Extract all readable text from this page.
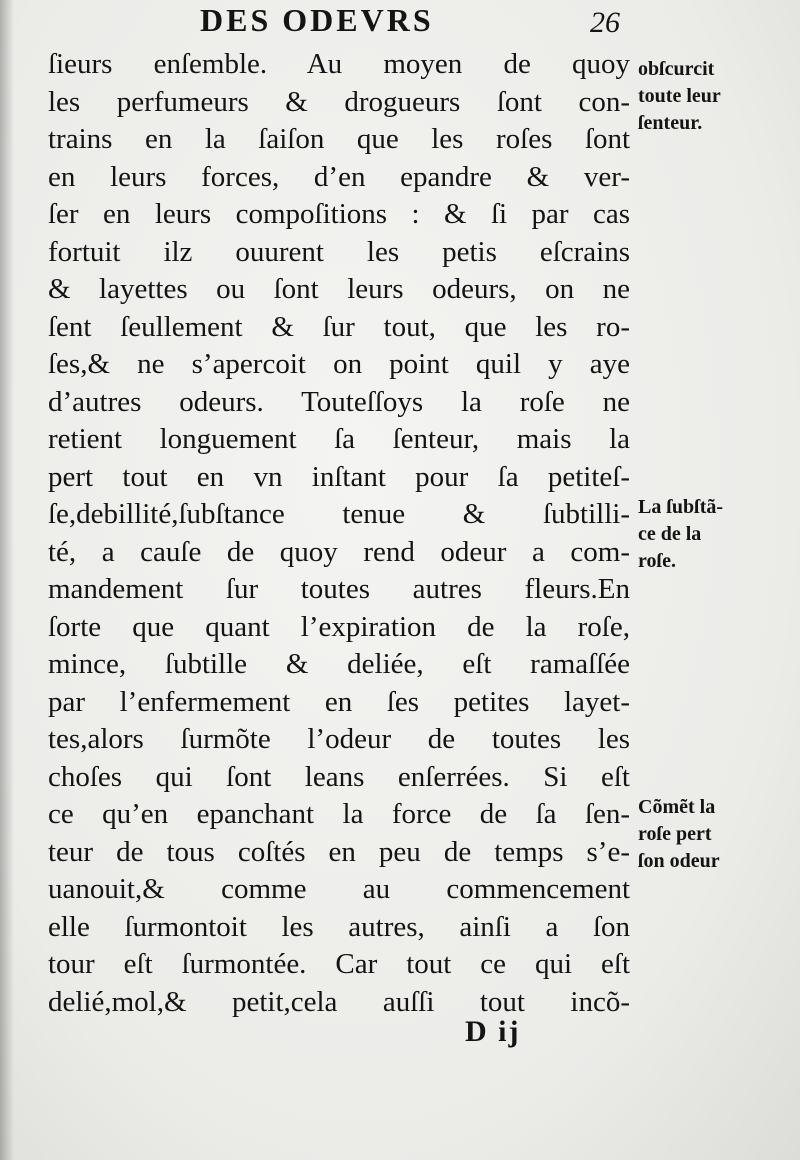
DES ODEVRS	26
ſieurs enſemble. Au moyen de quoy
les perfumeurs & drogueurs ſont con-
trains en la ſaiſon que les roſes ſont
en leurs forces, d’en epandre & ver-
ſer en leurs compoſitions : & ſi par cas
fortuit ilz ouurent les petis eſcrains
& layettes ou ſont leurs odeurs, on ne
ſent ſeullement & ſur tout, que les ro-
ſes,& ne s’apercoit on point quil y aye
d’autres odeurs. Touteſſoys la roſe ne
retient longuement ſa ſenteur, mais la
pert tout en vn inſtant pour ſa petiteſ-
ſe,debillité,ſubſtance tenue & ſubtilli-
té, a cauſe de quoy rend odeur a com-
mandement ſur toutes autres fleurs.En
ſorte que quant l’expiration de la roſe,
mince, ſubtille & deliée, eſt ramaſſée
par l’enfermement en ſes petites layet-
tes,alors ſurmõte l’odeur de toutes les
choſes qui ſont leans enſerrées. Si eſt
ce qu’en epanchant la force de ſa ſen-
teur de tous coſtés en peu de temps s’e-
uanouit,& comme au commencement
elle ſurmontoit les autres, ainſi a ſon
tour eſt ſurmontée. Car tout ce qui eſt
delié,mol,& petit,cela auſſi tout incõ-
obſcurcit
toute leur
ſenteur.
La ſubſtã-
ce de la
roſe.
Cõmẽt la
roſe pert
ſon odeur
D ij
